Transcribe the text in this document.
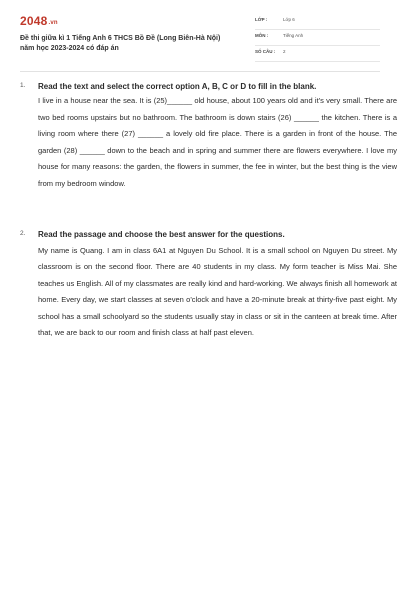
2048.vn
Đề thi giữa kì 1 Tiếng Anh 6 THCS Bồ Đề (Long Biên-Hà Nội) năm học 2023-2024 có đáp án
LỚP :	Lớp 6
MÔN :	Tiếng Anh
SỐ CÂU : 2
1. Read the text and select the correct option A, B, C or D to fill in the blank.
I live in a house near the sea. It is (25)______ old house, about 100 years old and it's very small. There are two bed rooms upstairs but no bathroom. The bathroom is down stairs (26) ______ the kitchen. There is a living room where there (27) ______ a lovely old fire place. There is a garden in front of the house. The garden (28) ______ down to the beach and in spring and summer there are flowers everywhere. I love my house for many reasons: the garden, the flowers in summer, the fee in winter, but the best thing is the view from my bedroom window.
2. Read the passage and choose the best answer for the questions.
My name is Quang. I am in class 6A1 at Nguyen Du School. It is a small school on Nguyen Du street. My classroom is on the second floor. There are 40 students in my class. My form teacher is Miss Mai. She teaches us English. All of my classmates are really kind and hard-working. We always finish all homework at home. Every day, we start classes at seven o'clock and have a 20-minute break at thirty-five past eight. My school has a small schoolyard so the students usually stay in class or sit in the canteen at break time. After that, we are back to our room and finish class at half past eleven.
